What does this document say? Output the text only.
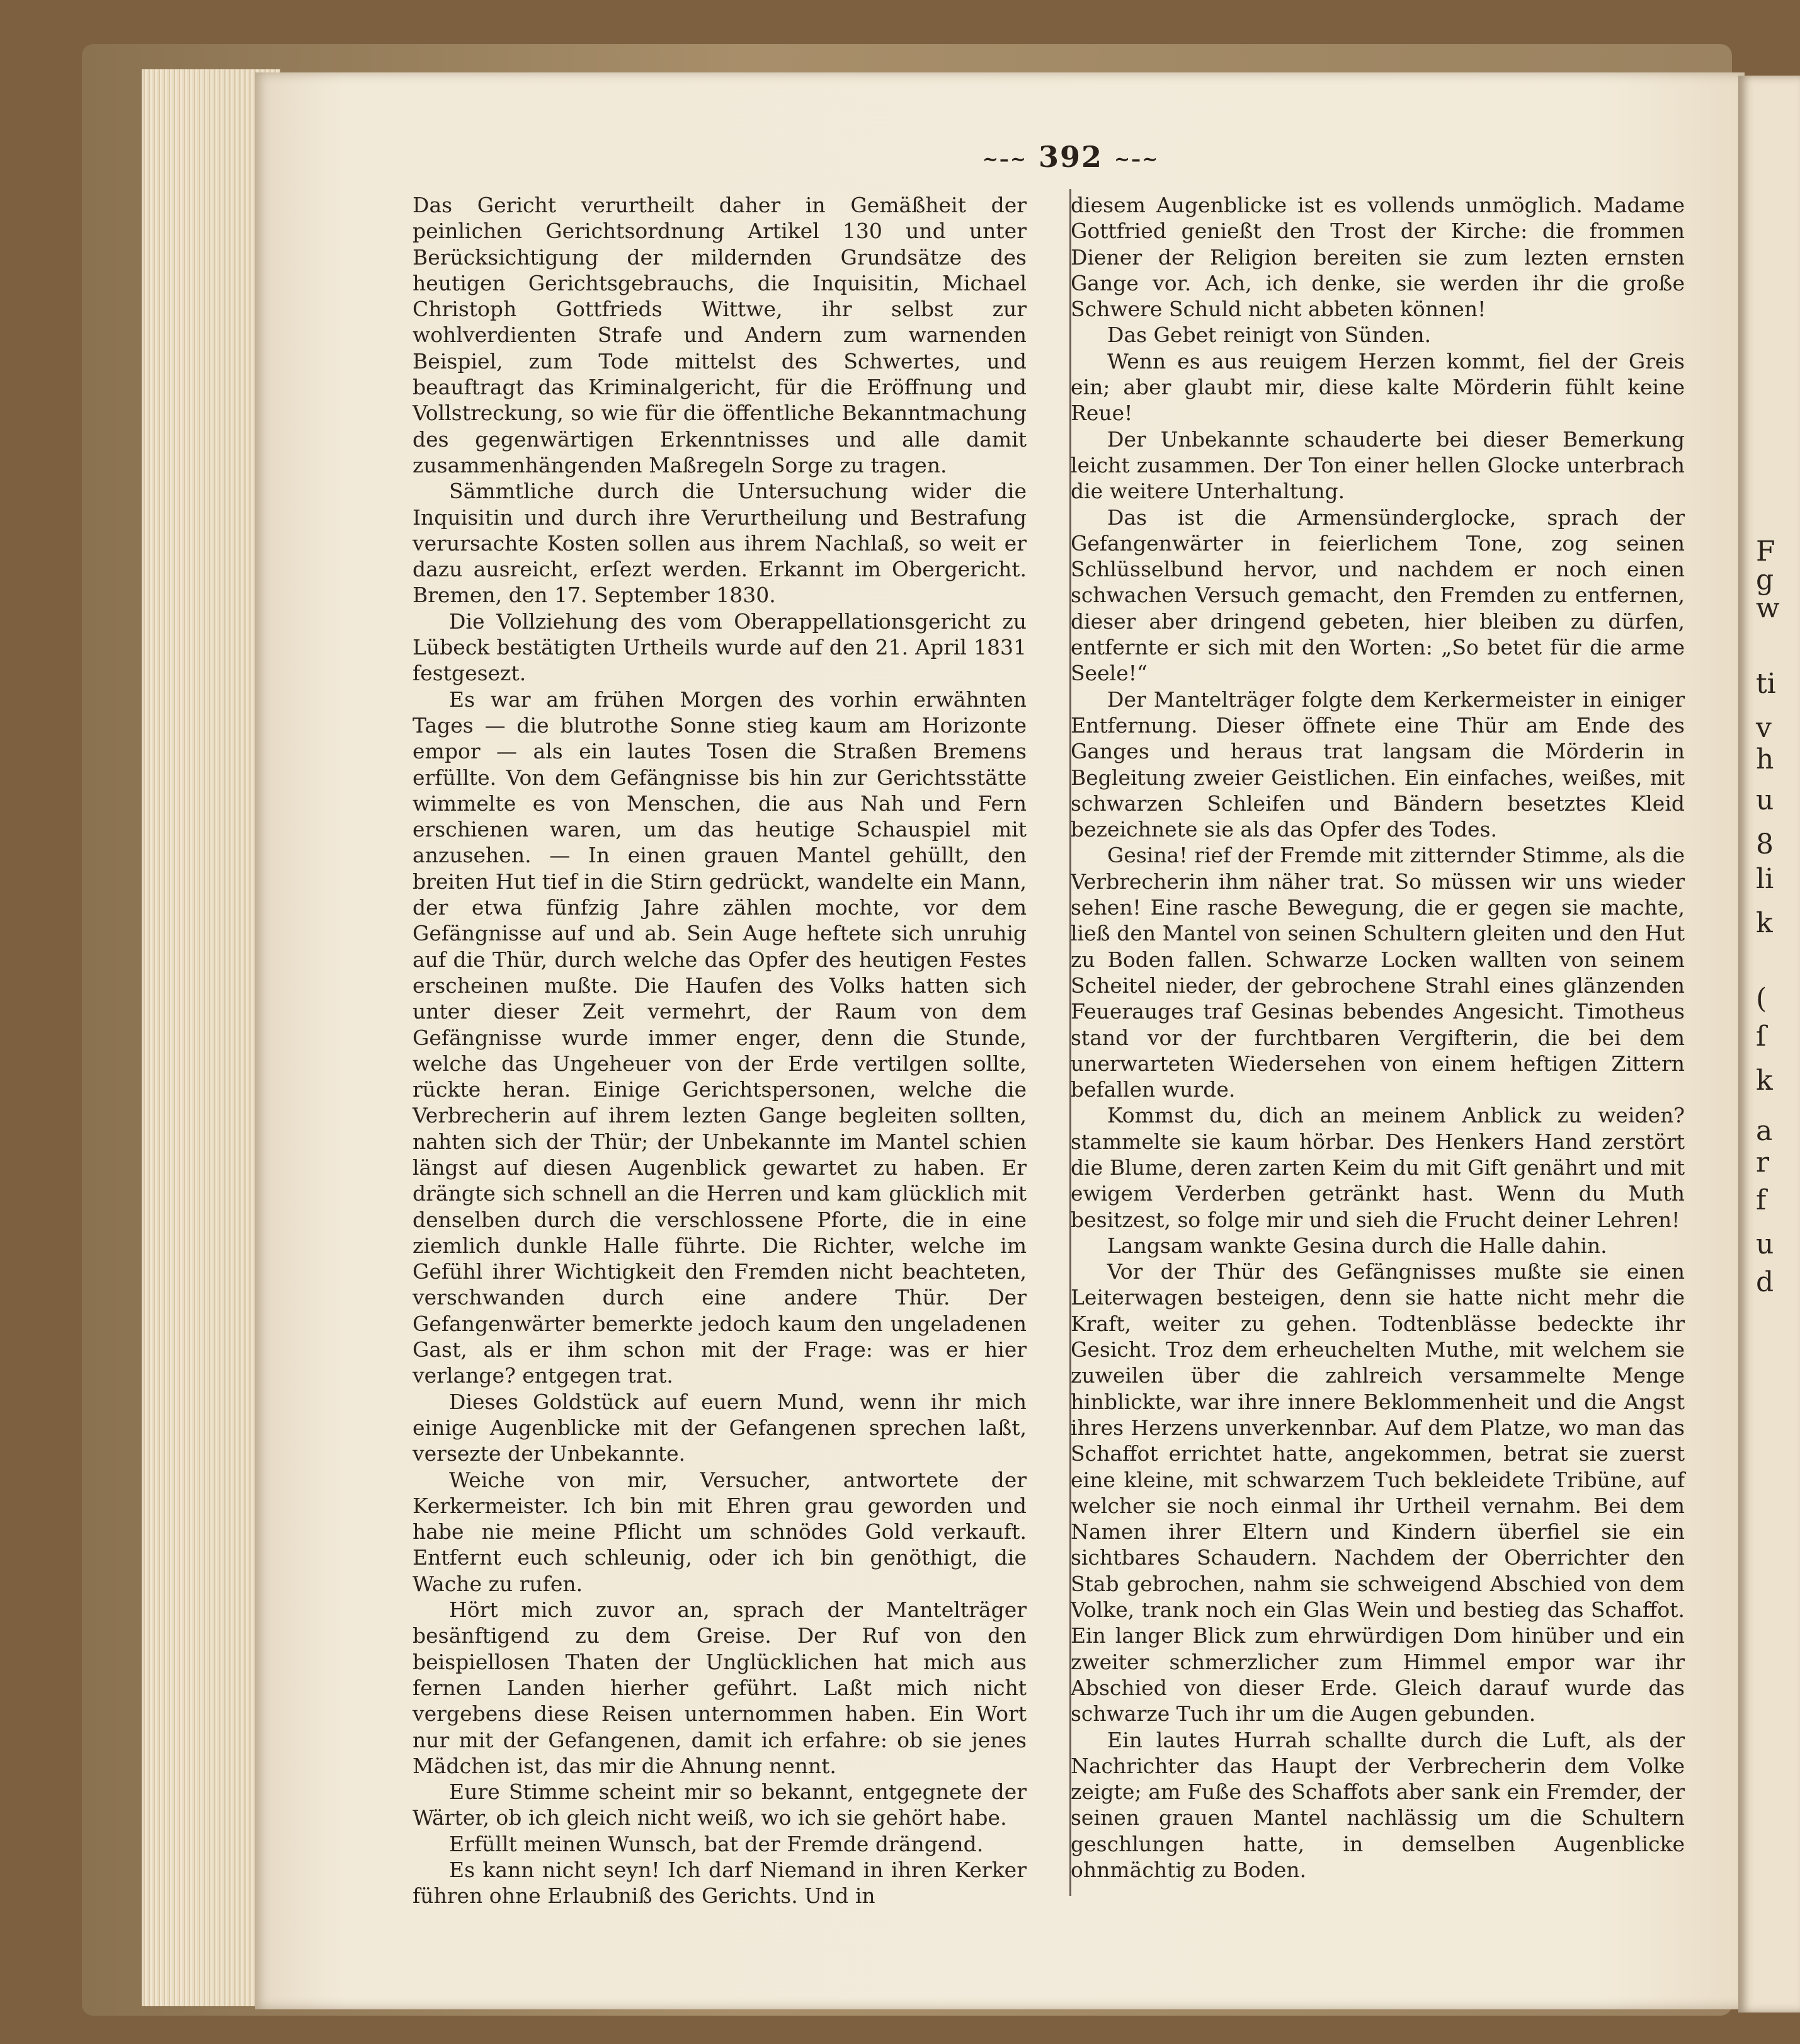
~–~ 392 ~–~

Das Gericht verurtheilt daher in Gemäßheit der peinlichen Gerichtsordnung Artikel 130 und unter Berücksichtigung der mildernden Grundsätze des heutigen Gerichtsgebrauchs, die Inquisitin, Michael Christoph Gottfrieds Wittwe, ihr selbst zur wohlverdienten Strafe und Andern zum warnenden Beispiel, zum Tode mittelst des Schwertes, und beauftragt das Kriminalgericht, für die Eröffnung und Vollstreckung, so wie für die öffentliche Bekanntmachung des gegenwärtigen Erkenntnisses und alle damit zusammenhängenden Maßregeln Sorge zu tragen.

Sämmtliche durch die Untersuchung wider die Inquisitin und durch ihre Verurtheilung und Bestrafung verursachte Kosten sollen aus ihrem Nachlaß, so weit er dazu ausreicht, erſezt werden. Erkannt im Obergericht. Bremen, den 17. September 1830.

Die Vollziehung des vom Oberappellationsgericht zu Lübeck bestätigten Urtheils wurde auf den 21. April 1831 festgesezt.

Es war am frühen Morgen des vorhin erwähnten Tages — die blutrothe Sonne stieg kaum am Horizonte empor — als ein lautes Tosen die Straßen Bremens erfüllte. Von dem Gefängnisse bis hin zur Gerichtsstätte wimmelte es von Menschen, die aus Nah und Fern erschienen waren, um das heutige Schauspiel mit anzusehen. — In einen grauen Mantel gehüllt, den breiten Hut tief in die Stirn gedrückt, wandelte ein Mann, der etwa fünfzig Jahre zählen mochte, vor dem Gefängnisse auf und ab. Sein Auge heftete sich unruhig auf die Thür, durch welche das Opfer des heutigen Festes erscheinen mußte. Die Haufen des Volks hatten sich unter dieser Zeit vermehrt, der Raum von dem Gefängnisse wurde immer enger, denn die Stunde, welche das Ungeheuer von der Erde vertilgen sollte, rückte heran. Einige Gerichtspersonen, welche die Verbrecherin auf ihrem lezten Gange begleiten sollten, nahten sich der Thür; der Unbekannte im Mantel schien längst auf diesen Augenblick gewartet zu haben. Er drängte sich schnell an die Herren und kam glücklich mit denselben durch die verschlossene Pforte, die in eine ziemlich dunkle Halle führte. Die Richter, welche im Gefühl ihrer Wichtigkeit den Fremden nicht beachteten, verschwanden durch eine andere Thür. Der Gefangenwärter bemerkte jedoch kaum den ungeladenen Gast, als er ihm schon mit der Frage: was er hier verlange? entgegen trat.

Dieses Goldstück auf euern Mund, wenn ihr mich einige Augenblicke mit der Gefangenen sprechen laßt, versezte der Unbekannte.

Weiche von mir, Versucher, antwortete der Kerkermeister. Ich bin mit Ehren grau geworden und habe nie meine Pflicht um schnödes Gold verkauft. Entfernt euch schleunig, oder ich bin genöthigt, die Wache zu rufen.

Hört mich zuvor an, sprach der Mantelträger besänftigend zu dem Greise. Der Ruf von den beispiellosen Thaten der Unglücklichen hat mich aus fernen Landen hierher geführt. Laßt mich nicht vergebens diese Reisen unternommen haben. Ein Wort nur mit der Gefangenen, damit ich erfahre: ob sie jenes Mädchen ist, das mir die Ahnung nennt.

Eure Stimme scheint mir so bekannt, entgegnete der Wärter, ob ich gleich nicht weiß, wo ich sie gehört habe.

Erfüllt meinen Wunsch, bat der Fremde drängend.

Es kann nicht seyn! Ich darf Niemand in ihren Kerker führen ohne Erlaubniß des Gerichts. Und in

diesem Augenblicke ist es vollends unmöglich. Madame Gottfried genießt den Trost der Kirche: die frommen Diener der Religion bereiten sie zum lezten ernsten Gange vor. Ach, ich denke, sie werden ihr die große Schwere Schuld nicht abbeten können!

Das Gebet reinigt von Sünden.

Wenn es aus reuigem Herzen kommt, fiel der Greis ein; aber glaubt mir, diese kalte Mörderin fühlt keine Reue!

Der Unbekannte schauderte bei dieser Bemerkung leicht zusammen. Der Ton einer hellen Glocke unterbrach die weitere Unterhaltung.

Das ist die Armensünderglocke, sprach der Gefangenwärter in feierlichem Tone, zog seinen Schlüsselbund hervor, und nachdem er noch einen schwachen Versuch gemacht, den Fremden zu entfernen, dieser aber dringend gebeten, hier bleiben zu dürfen, entfernte er sich mit den Worten: „So betet für die arme Seele!“

Der Mantelträger folgte dem Kerkermeister in einiger Entfernung. Dieser öffnete eine Thür am Ende des Ganges und heraus trat langsam die Mörderin in Begleitung zweier Geistlichen. Ein einfaches, weißes, mit schwarzen Schleifen und Bändern besetztes Kleid bezeichnete sie als das Opfer des Todes.

Gesina! rief der Fremde mit zitternder Stimme, als die Verbrecherin ihm näher trat. So müssen wir uns wieder sehen! Eine rasche Bewegung, die er gegen sie machte, ließ den Mantel von seinen Schultern gleiten und den Hut zu Boden fallen. Schwarze Locken wallten von seinem Scheitel nieder, der gebrochene Strahl eines glänzenden Feuerauges traf Gesinas bebendes Angesicht. Timotheus stand vor der furchtbaren Vergifterin, die bei dem unerwarteten Wiedersehen von einem heftigen Zittern befallen wurde.

Kommst du, dich an meinem Anblick zu weiden? stammelte sie kaum hörbar. Des Henkers Hand zerstört die Blume, deren zarten Keim du mit Gift genährt und mit ewigem Verderben getränkt hast. Wenn du Muth besitzest, so folge mir und sieh die Frucht deiner Lehren!

Langsam wankte Gesina durch die Halle dahin.

Vor der Thür des Gefängnisses mußte sie einen Leiterwagen besteigen, denn sie hatte nicht mehr die Kraft, weiter zu gehen. Todtenblässe bedeckte ihr Gesicht. Troz dem erheuchelten Muthe, mit welchem sie zuweilen über die zahlreich versammelte Menge hinblickte, war ihre innere Beklommenheit und die Angst ihres Herzens unverkennbar. Auf dem Platze, wo man das Schaffot errichtet hatte, angekommen, betrat sie zuerst eine kleine, mit schwarzem Tuch bekleidete Tribüne, auf welcher sie noch einmal ihr Urtheil vernahm. Bei dem Namen ihrer Eltern und Kindern überfiel sie ein sichtbares Schaudern. Nachdem der Oberrichter den Stab gebrochen, nahm sie schweigend Abschied von dem Volke, trank noch ein Glas Wein und bestieg das Schaffot. Ein langer Blick zum ehrwürdigen Dom hinüber und ein zweiter schmerzlicher zum Himmel empor war ihr Abschied von dieser Erde. Gleich darauf wurde das schwarze Tuch ihr um die Augen gebunden.

Ein lautes Hurrah schallte durch die Luft, als der Nachrichter das Haupt der Verbrecherin dem Volke zeigte; am Fuße des Schaffots aber sank ein Fremder, der seinen grauen Mantel nachlässig um die Schultern geschlungen hatte, in demselben Augenblicke ohnmächtig zu Boden.

F
g
w
ti
v
h
u
8
li
k
(
ſ
k
a
r
f
u
d
